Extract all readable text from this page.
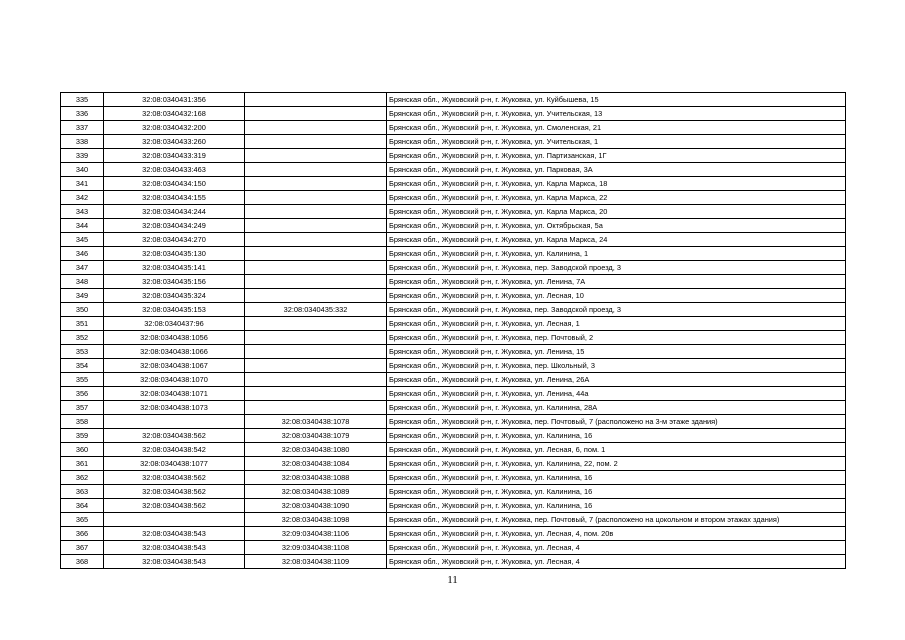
335	32:08:0340431:356		Брянская обл., Жуковский р-н, г. Жуковка, ул. Куйбышева, 15
336	32:08:0340432:168		Брянская обл., Жуковский р-н, г. Жуковка, ул. Учительская, 13
337	32:08:0340432:200		Брянская обл., Жуковский р-н, г. Жуковка, ул. Смоленская, 21
338	32:08:0340433:260		Брянская обл., Жуковский р-н, г. Жуковка, ул. Учительская, 1
339	32:08:0340433:319		Брянская обл., Жуковский р-н, г. Жуковка, ул. Партизанская, 1Г
340	32:08:0340433:463		Брянская обл., Жуковский р-н, г. Жуковка, ул. Парковая, 3А
341	32:08:0340434:150		Брянская обл., Жуковский р-н, г. Жуковка, ул. Карла Маркса, 18
342	32:08:0340434:155		Брянская обл., Жуковский р-н, г. Жуковка, ул. Карла Маркса, 22
343	32:08:0340434:244		Брянская обл., Жуковский р-н, г. Жуковка, ул. Карла Маркса, 20
344	32:08:0340434:249		Брянская обл., Жуковский р-н, г. Жуковка, ул. Октябрьская, 5а
345	32:08:0340434:270		Брянская обл., Жуковский р-н, г. Жуковка, ул. Карла Маркса, 24
346	32:08:0340435:130		Брянская обл., Жуковский р-н, г. Жуковка, ул. Калинина, 1
347	32:08:0340435:141		Брянская обл., Жуковский р-н, г. Жуковка, пер. Заводской проезд, 3
348	32:08:0340435:156		Брянская обл., Жуковский р-н, г. Жуковка, ул. Ленина, 7А
349	32:08:0340435:324		Брянская обл., Жуковский р-н, г. Жуковка, ул. Лесная, 10
350	32:08:0340435:153	32:08:0340435:332	Брянская обл., Жуковский р-н, г. Жуковка, пер. Заводской проезд, 3
351	32:08:0340437:96		Брянская обл., Жуковский р-н, г. Жуковка, ул. Лесная, 1
352	32:08:0340438:1056		Брянская обл., Жуковский р-н, г. Жуковка, пер. Почтовый, 2
353	32:08:0340438:1066		Брянская обл., Жуковский р-н, г. Жуковка, ул. Ленина, 15
354	32:08:0340438:1067		Брянская обл., Жуковский р-н, г. Жуковка, пер. Школьный, 3
355	32:08:0340438:1070		Брянская обл., Жуковский р-н, г. Жуковка, ул. Ленина, 26А
356	32:08:0340438:1071		Брянская обл., Жуковский р-н, г. Жуковка, ул. Ленина, 44а
357	32:08:0340438:1073		Брянская обл., Жуковский р-н, г. Жуковка, ул. Калинина, 28А
358		32:08:0340438:1078	Брянская обл., Жуковский р-н, г. Жуковка, пер. Почтовый, 7 (расположено на 3-м этаже здания)
359	32:08:0340438:562	32:08:0340438:1079	Брянская обл., Жуковский р-н, г. Жуковка, ул. Калинина, 16
360	32:08:0340438:542	32:08:0340438:1080	Брянская обл., Жуковский р-н, г. Жуковка, ул. Лесная, 6, пом. 1
361	32:08:0340438:1077	32:08:0340438:1084	Брянская обл., Жуковский р-н, г. Жуковка, ул. Калинина, 22, пом. 2
362	32:08:0340438:562	32:08:0340438:1088	Брянская обл., Жуковский р-н, г. Жуковка, ул. Калинина, 16
363	32:08:0340438:562	32:08:0340438:1089	Брянская обл., Жуковский р-н, г. Жуковка, ул. Калинина, 16
364	32:08:0340438:562	32:08:0340438:1090	Брянская обл., Жуковский р-н, г. Жуковка, ул. Калинина, 16
365		32:08:0340438:1098	Брянская обл., Жуковский р-н, г. Жуковка, пер. Почтовый, 7 (расположено на цокольном и втором этажах здания)
366	32:08:0340438:543	32:09:0340438:1106	Брянская обл., Жуковский р-н, г. Жуковка, ул. Лесная, 4, пом. 20в
367	32:08:0340438:543	32:09:0340438:1108	Брянская обл., Жуковский р-н, г. Жуковка, ул. Лесная, 4
368	32:08:0340438:543	32:08:0340438:1109	Брянская обл., Жуковский р-н, г. Жуковка, ул. Лесная, 4
11
